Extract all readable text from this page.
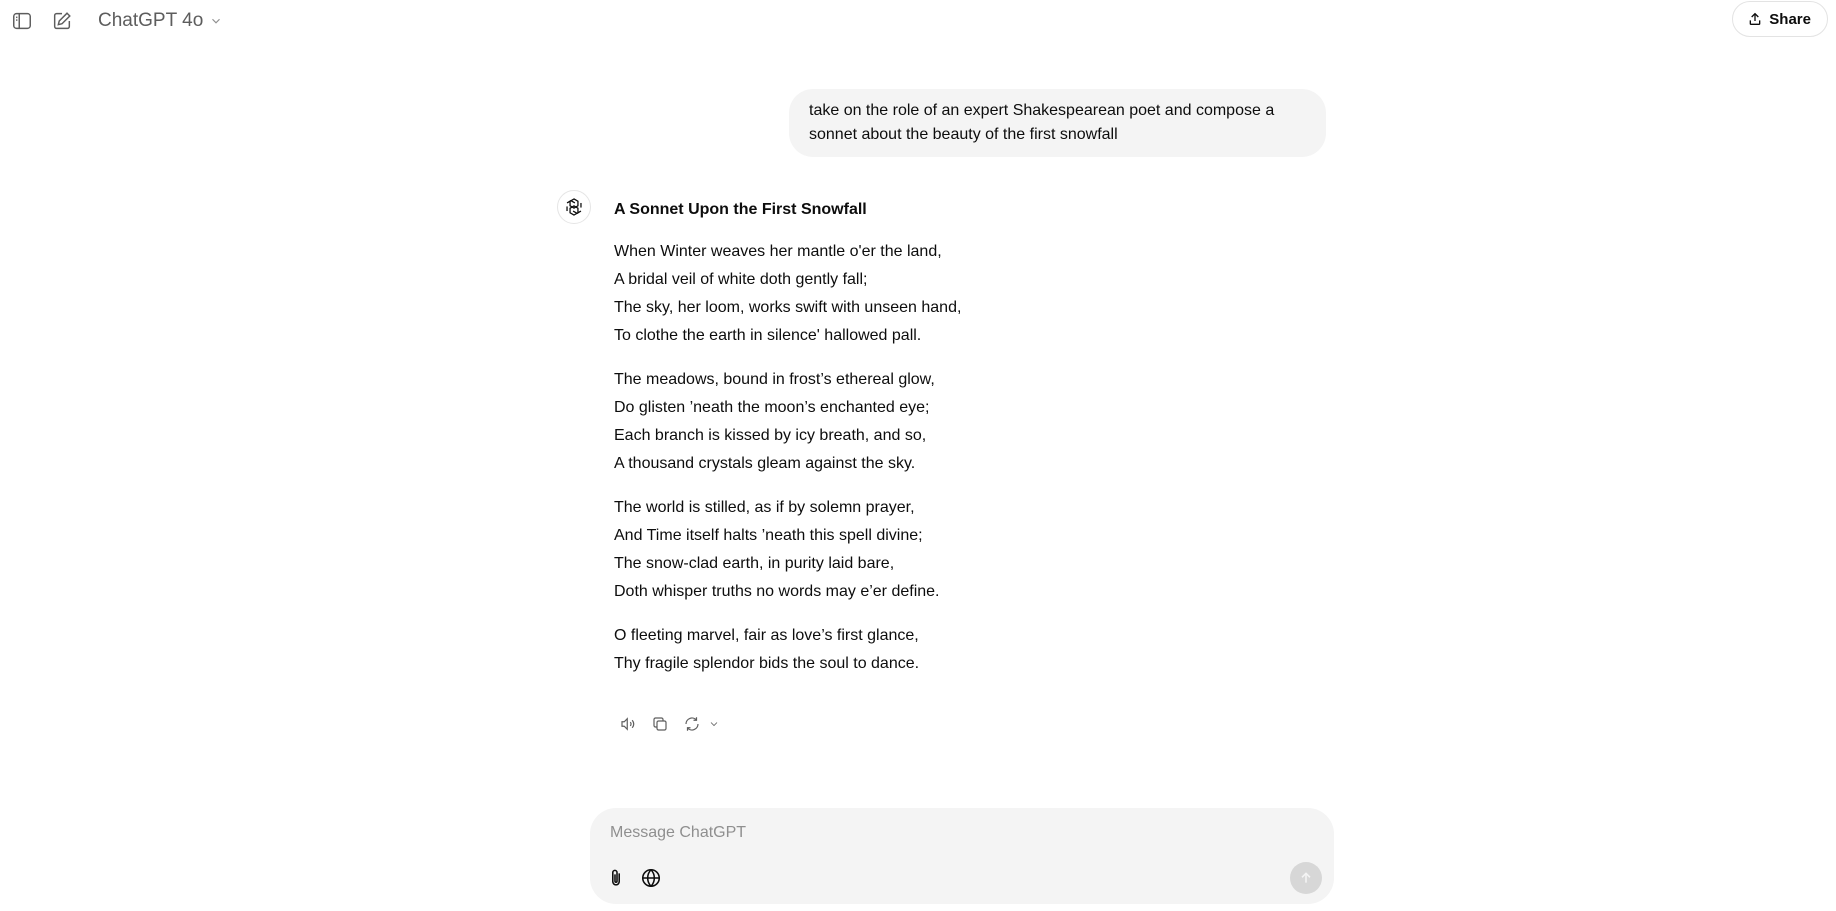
ChatGPT 4o	Share
take on the role of an expert Shakespearean poet and compose a sonnet about the beauty of the first snowfall
A Sonnet Upon the First Snowfall
When Winter weaves her mantle o'er the land,
A bridal veil of white doth gently fall;
The sky, her loom, works swift with unseen hand,
To clothe the earth in silence' hallowed pall.
The meadows, bound in frost’s ethereal glow,
Do glisten ’neath the moon’s enchanted eye;
Each branch is kissed by icy breath, and so,
A thousand crystals gleam against the sky.
The world is stilled, as if by solemn prayer,
And Time itself halts ’neath this spell divine;
The snow-clad earth, in purity laid bare,
Doth whisper truths no words may e’er define.
O fleeting marvel, fair as love’s first glance,
Thy fragile splendor bids the soul to dance.
Message ChatGPT
